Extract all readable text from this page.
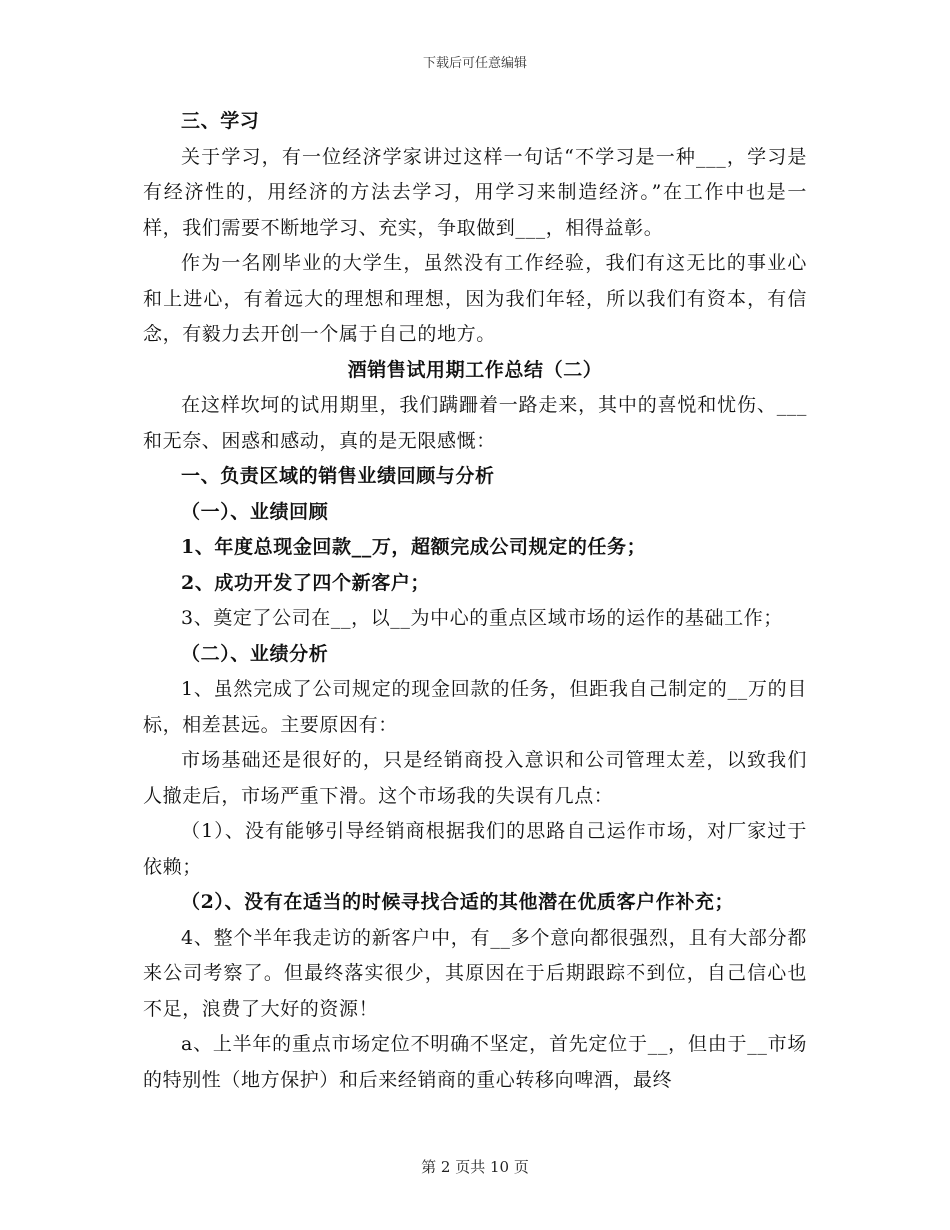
下载后可任意编辑

三、学习

关于学习，有一位经济学家讲过这样一句话“不学习是一种___，学习是有经济性的，用经济的方法去学习，用学习来制造经济。”在工作中也是一样，我们需要不断地学习、充实，争取做到___，相得益彰。

作为一名刚毕业的大学生，虽然没有工作经验，我们有这无比的事业心和上进心，有着远大的理想和理想，因为我们年轻，所以我们有资本，有信念，有毅力去开创一个属于自己的地方。

酒销售试用期工作总结（二）

在这样坎坷的试用期里，我们蹒跚着一路走来，其中的喜悦和忧伤、___和无奈、困惑和感动，真的是无限感慨：

一、负责区域的销售业绩回顾与分析

（一）、业绩回顾

1、年度总现金回款__万，超额完成公司规定的任务；

2、成功开发了四个新客户；

3、奠定了公司在__，以__为中心的重点区域市场的运作的基础工作；

（二）、业绩分析

1、虽然完成了公司规定的现金回款的任务，但距我自己制定的__万的目标，相差甚远。主要原因有：

市场基础还是很好的，只是经销商投入意识和公司管理太差，以致我们人撤走后，市场严重下滑。这个市场我的失误有几点：

（1）、没有能够引导经销商根据我们的思路自己运作市场，对厂家过于依赖；

（2）、没有在适当的时候寻找合适的其他潜在优质客户作补充；

4、整个半年我走访的新客户中，有__多个意向都很强烈，且有大部分都来公司考察了。但最终落实很少，其原因在于后期跟踪不到位，自己信心也不足，浪费了大好的资源！

a、上半年的重点市场定位不明确不坚定，首先定位于__，但由于__市场的特别性（地方保护）和后来经销商的重心转移向啤酒，最终

第 2 页共 10 页
